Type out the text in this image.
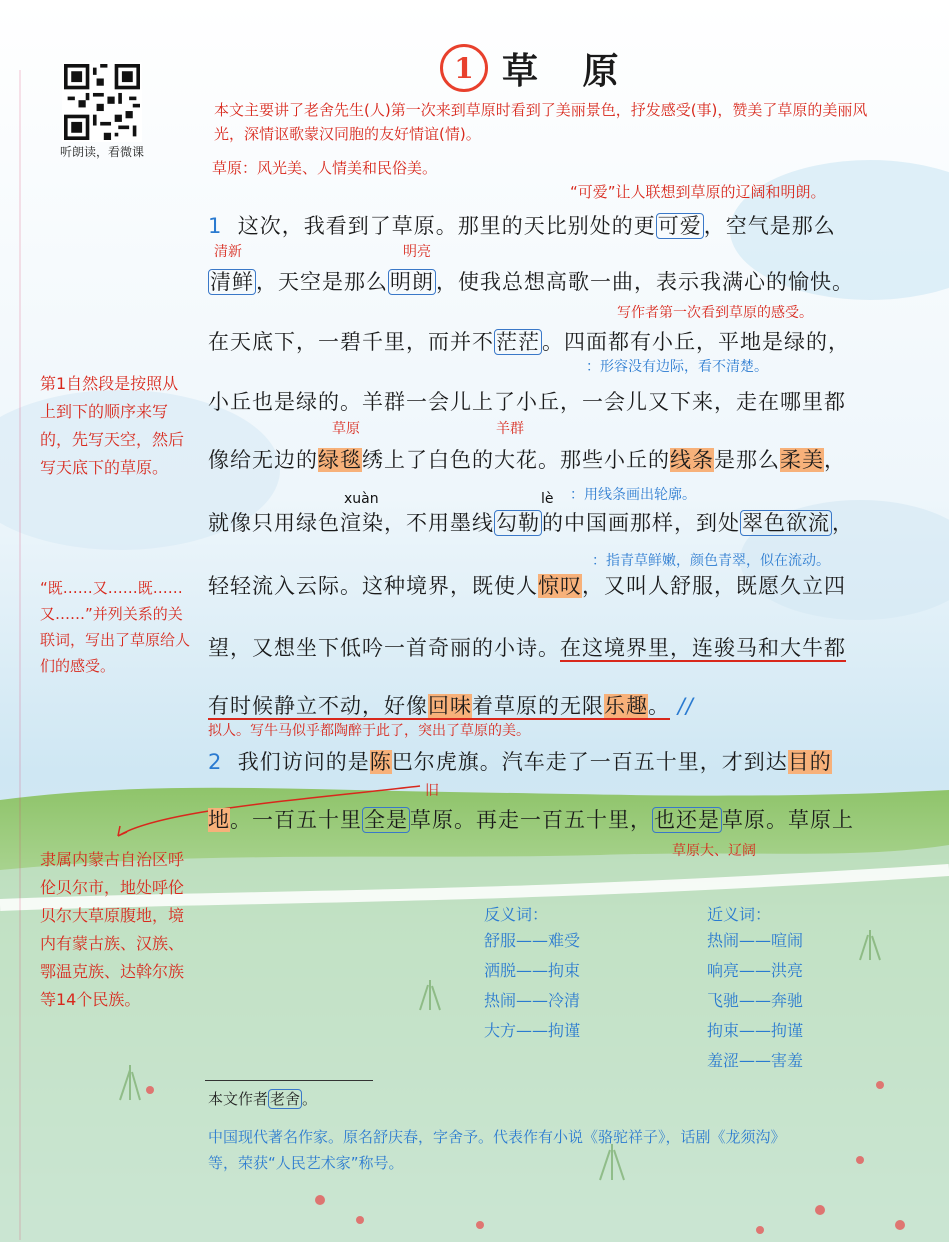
听朗读，看微课
1 草 原
本文主要讲了老舍先生(人)第一次来到草原时看到了美丽景色，抒发感受(事)，赞美了草原的美丽风光，深情讴歌蒙汉同胞的友好情谊(情)。
草原：风光美、人情美和民俗美。
“可爱”让人联想到草原的辽阔和明朗。
第1自然段是按照从上到下的顺序来写的，先写天空，然后写天底下的草原。
“既……又……既……又……”并列关系的关联词，写出了草原给人们的感受。
隶属内蒙古自治区呼伦贝尔市，地处呼伦贝尔大草原腹地，境内有蒙古族、汉族、鄂温克族、达斡尔族等14个民族。
清新	明亮
写作者第一次看到草原的感受。
：形容没有边际，看不清楚。
草原	羊群
xuàn	lè ：用线条画出轮廓。
：指青草鲜嫩，颜色青翠，似在流动。
拟人。写牛马似乎都陶醉于此了，突出了草原的美。
旧
草原大、辽阔
1 这次，我看到了草原。那里的天比别处的更可爱，空气是那么
清鲜，天空是那么明朗，使我总想高歌一曲，表示我满心的愉快。
在天底下，一碧千里，而并不茫茫。四面都有小丘，平地是绿的，
小丘也是绿的。羊群一会儿上了小丘，一会儿又下来，走在哪里都
像给无边的绿毯绣上了白色的大花。那些小丘的线条是那么柔美，
就像只用绿色渲染，不用墨线勾勒的中国画那样，到处翠色欲流，
轻轻流入云际。这种境界，既使人惊叹，又叫人舒服，既愿久立四
望，又想坐下低吟一首奇丽的小诗。在这境界里，连骏马和大牛都
有时候静立不动，好像回味着草原的无限乐趣。 //
2 我们访问的是陈巴尔虎旗。汽车走了一百五十里，才到达目的
地。一百五十里全是草原。再走一百五十里，也还是草原。草原上
反义词：
舒服——难受
洒脱——拘束
热闹——冷清
大方——拘谨
近义词：
热闹——喧闹
响亮——洪亮
飞驰——奔驰
拘束——拘谨
羞涩——害羞
本文作者 老舍 。
中国现代著名作家。原名舒庆春，字舍予。代表作有小说《骆驼祥子》，话剧《龙须沟》等，荣获“人民艺术家”称号。
